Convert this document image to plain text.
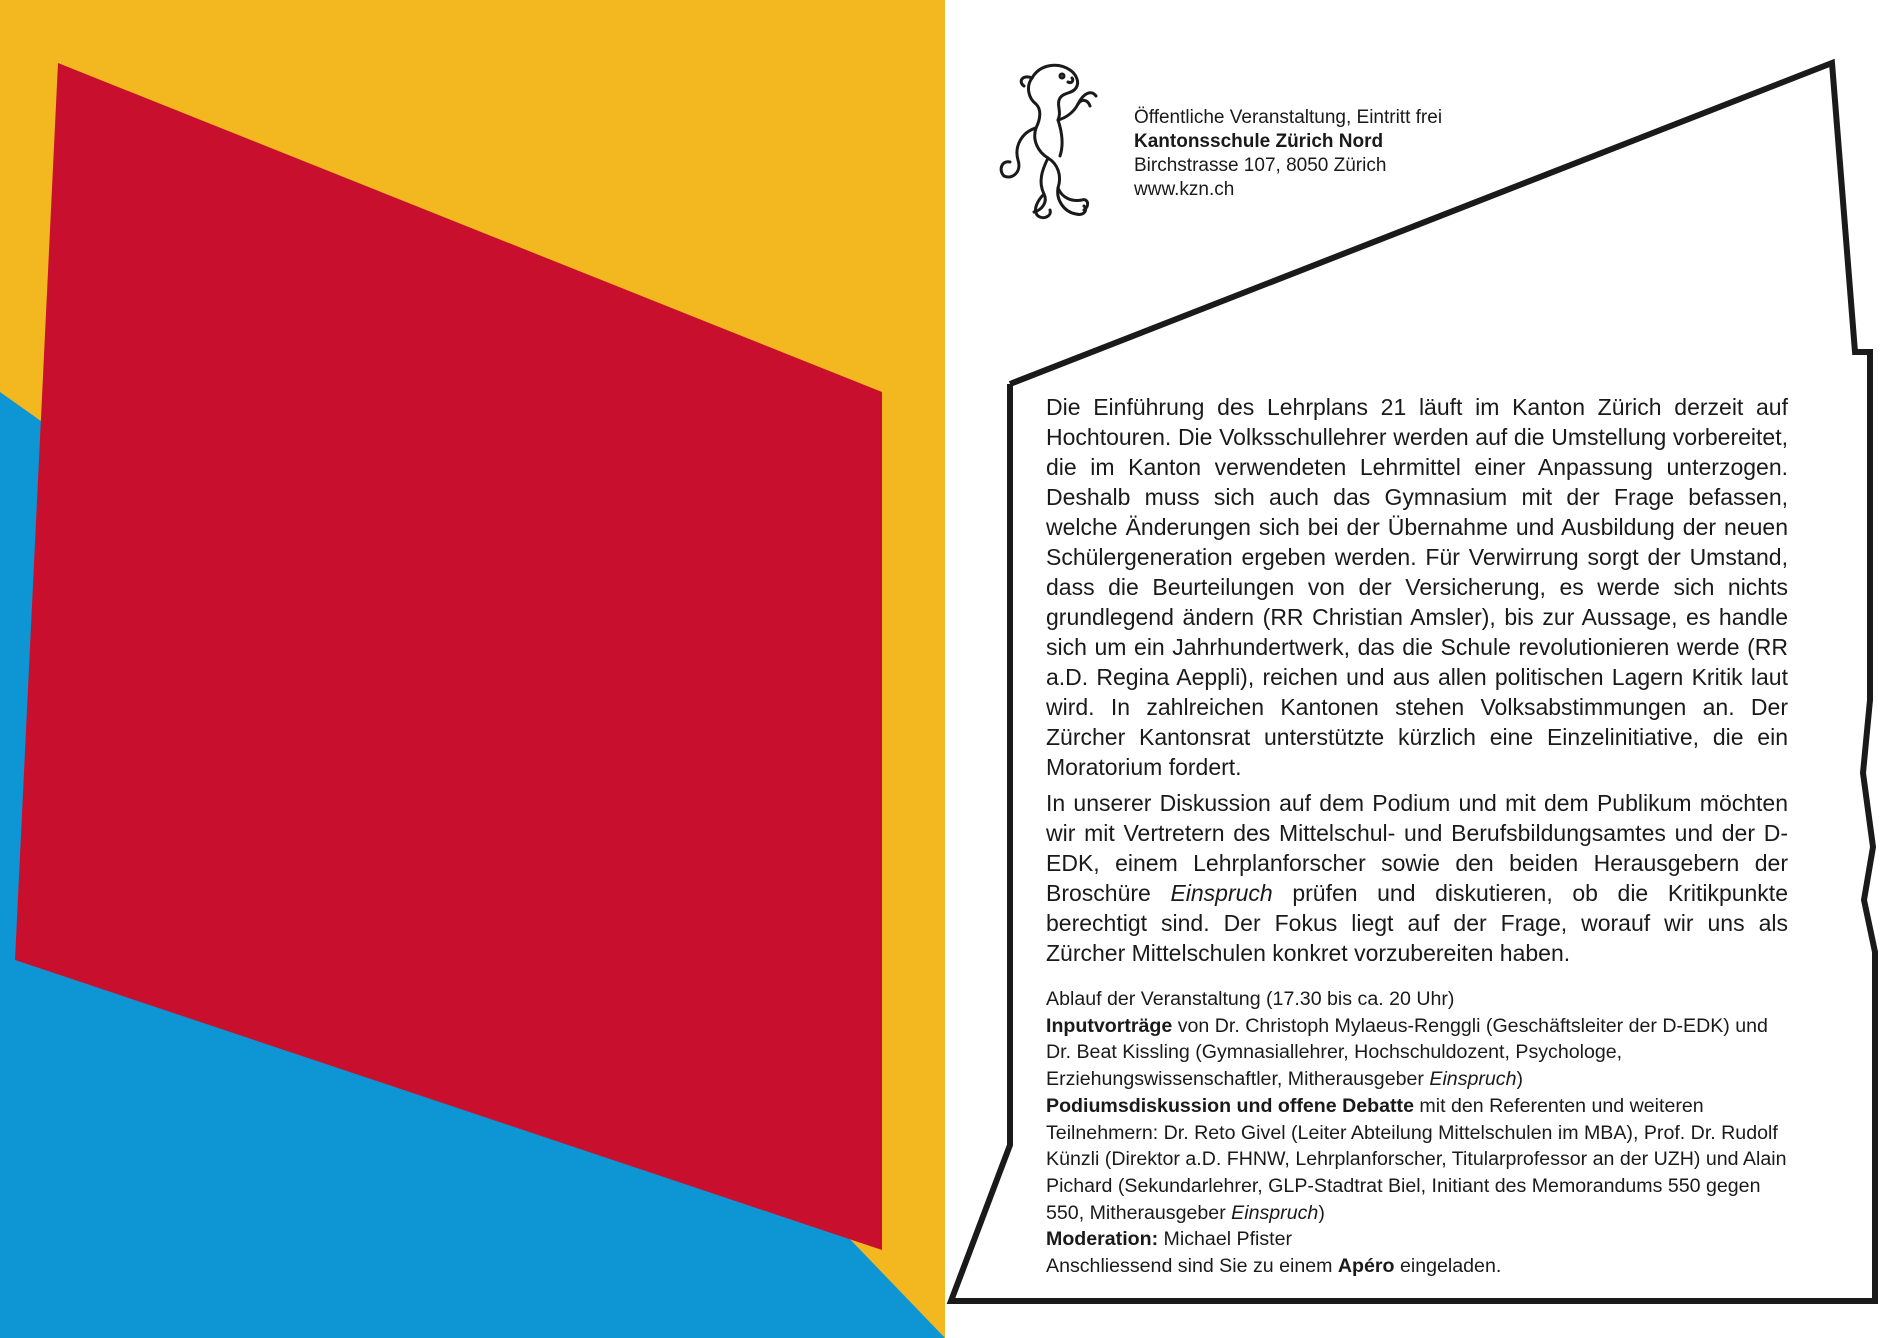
Öffentliche Veranstaltung, Eintritt frei
Kantonsschule Zürich Nord
Birchstrasse 107, 8050 Zürich
www.kzn.ch

Die Einführung des Lehrplans 21 läuft im Kanton Zürich derzeit auf Hochtouren. Die Volksschullehrer werden auf die Umstellung vorbereitet, die im Kanton verwendeten Lehrmittel einer Anpassung unterzogen. Deshalb muss sich auch das Gymnasium mit der Frage befassen, welche Änderungen sich bei der Übernahme und Ausbildung der neuen Schülergeneration ergeben werden. Für Verwirrung sorgt der Umstand, dass die Beurteilungen von der Versicherung, es werde sich nichts grundlegend ändern (RR Christian Amsler), bis zur Aussage, es handle sich um ein Jahrhundertwerk, das die Schule revolutionieren werde (RR a.D. Regina Aeppli), reichen und aus allen politischen Lagern Kritik laut wird. In zahlreichen Kantonen stehen Volksabstimmungen an. Der Zürcher Kantonsrat unterstützte kürzlich eine Einzelinitiative, die ein Moratorium fordert.

In unserer Diskussion auf dem Podium und mit dem Publikum möchten wir mit Vertretern des Mittelschul- und Berufsbildungsamtes und der D-EDK, einem Lehrplanforscher sowie den beiden Herausgebern der Broschüre Einspruch prüfen und diskutieren, ob die Kritikpunkte berechtigt sind. Der Fokus liegt auf der Frage, worauf wir uns als Zürcher Mittelschulen konkret vorzubereiten haben.

Ablauf der Veranstaltung (17.30 bis ca. 20 Uhr)
Inputvorträge von Dr. Christoph Mylaeus-Renggli (Geschäftsleiter der D-EDK) und Dr. Beat Kissling (Gymnasiallehrer, Hochschuldozent, Psychologe, Erziehungswissenschaftler, Mitherausgeber Einspruch)
Podiumsdiskussion und offene Debatte mit den Referenten und weiteren Teilnehmern: Dr. Reto Givel (Leiter Abteilung Mittelschulen im MBA), Prof. Dr. Rudolf Künzli (Direktor a.D. FHNW, Lehrplanforscher, Titularprofessor an der UZH) und Alain Pichard (Sekundarlehrer, GLP-Stadtrat Biel, Initiant des Memorandums 550 gegen 550, Mitherausgeber Einspruch)
Moderation: Michael Pfister
Anschliessend sind Sie zu einem Apéro eingeladen.
